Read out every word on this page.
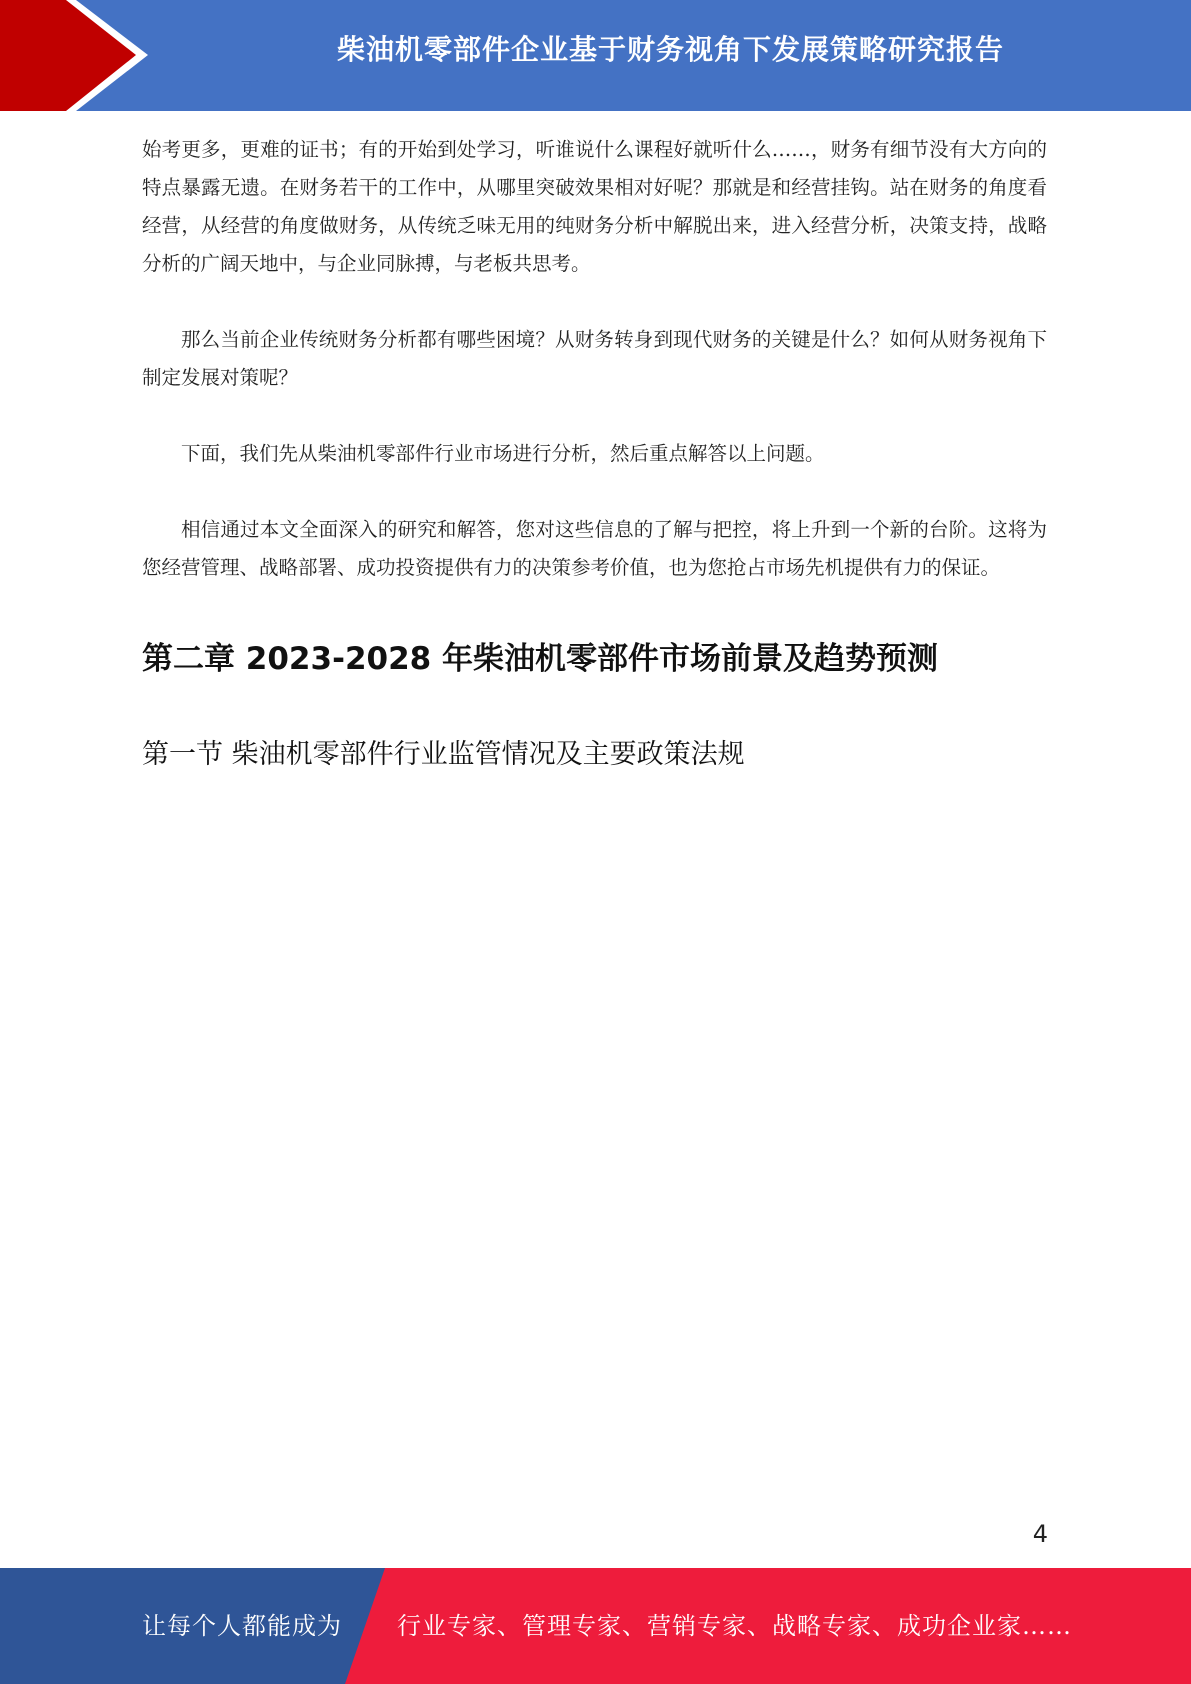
柴油机零部件企业基于财务视角下发展策略研究报告

始考更多，更难的证书；有的开始到处学习，听谁说什么课程好就听什么……，财务有细节没有大方向的特点暴露无遗。在财务若干的工作中，从哪里突破效果相对好呢？那就是和经营挂钩。站在财务的角度看经营，从经营的角度做财务，从传统乏味无用的纯财务分析中解脱出来，进入经营分析，决策支持，战略分析的广阔天地中，与企业同脉搏，与老板共思考。

那么当前企业传统财务分析都有哪些困境？从财务转身到现代财务的关键是什么？如何从财务视角下制定发展对策呢？

下面，我们先从柴油机零部件行业市场进行分析，然后重点解答以上问题。

相信通过本文全面深入的研究和解答，您对这些信息的了解与把控，将上升到一个新的台阶。这将为您经营管理、战略部署、成功投资提供有力的决策参考价值，也为您抢占市场先机提供有力的保证。

第二章 2023-2028 年柴油机零部件市场前景及趋势预测
第一节 柴油机零部件行业监管情况及主要政策法规
4
让每个人都能成为 行业专家、管理专家、营销专家、战略专家、成功企业家……
